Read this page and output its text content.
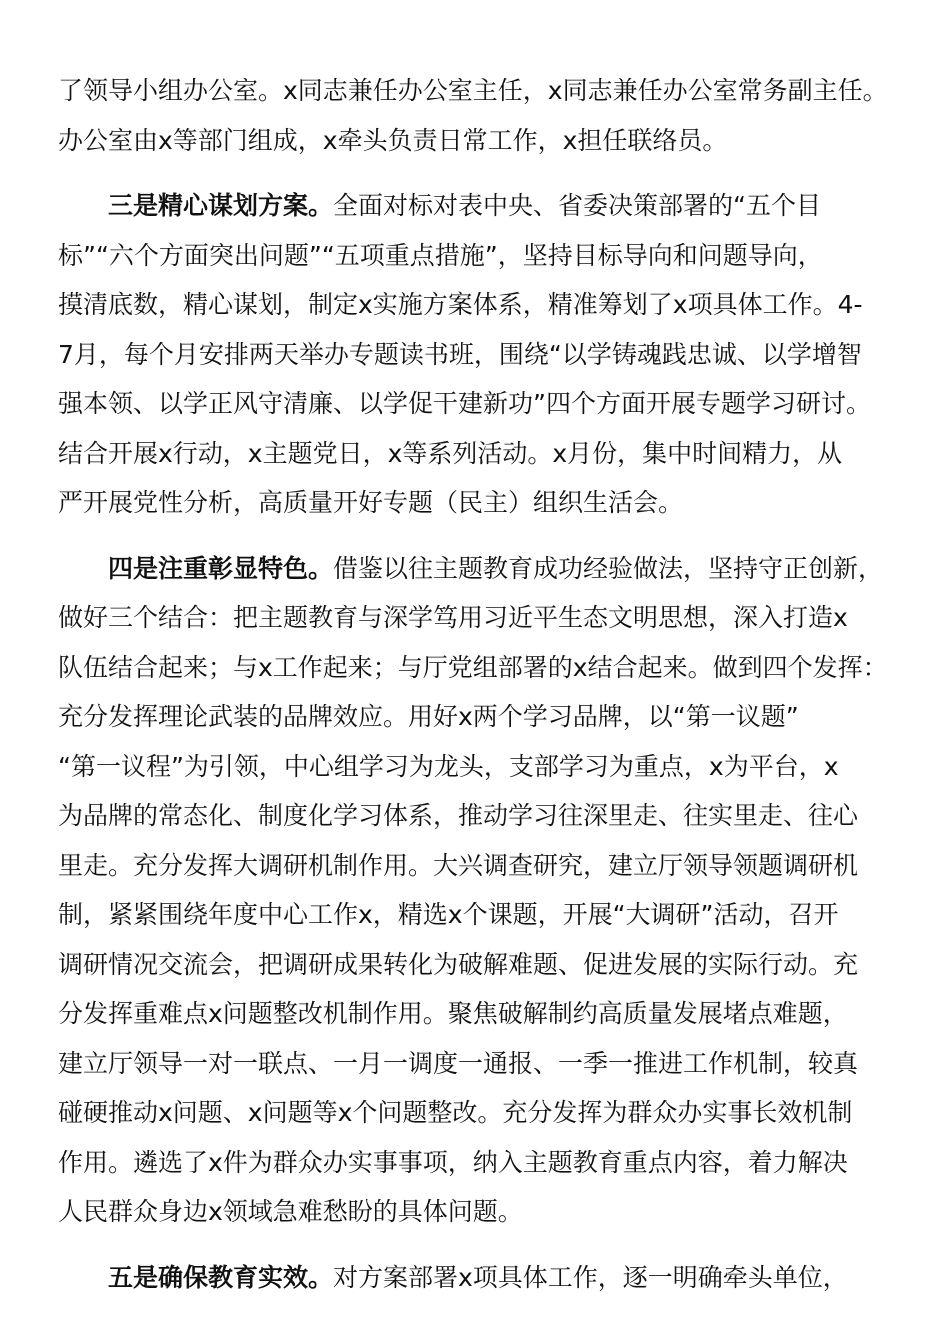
了领导小组办公室。x同志兼任办公室主任，x同志兼任办公室常务副主任。
办公室由x等部门组成，x牵头负责日常工作，x担任联络员。
三是精心谋划方案。全面对标对表中央、省委决策部署的“五个目
标”“六个方面突出问题”“五项重点措施”，坚持目标导向和问题导向，
摸清底数，精心谋划，制定x实施方案体系，精准筹划了x项具体工作。4-
7月，每个月安排两天举办专题读书班，围绕“以学铸魂践忠诚、以学增智
强本领、以学正风守清廉、以学促干建新功”四个方面开展专题学习研讨。
结合开展x行动，x主题党日，x等系列活动。x月份，集中时间精力，从
严开展党性分析，高质量开好专题（民主）组织生活会。
四是注重彰显特色。借鉴以往主题教育成功经验做法，坚持守正创新，
做好三个结合：把主题教育与深学笃用习近平生态文明思想，深入打造x
队伍结合起来；与x工作起来；与厅党组部署的x结合起来。做到四个发挥：
充分发挥理论武装的品牌效应。用好x两个学习品牌，以“第一议题”
“第一议程”为引领，中心组学习为龙头，支部学习为重点，x为平台，x
为品牌的常态化、制度化学习体系，推动学习往深里走、往实里走、往心
里走。充分发挥大调研机制作用。大兴调查研究，建立厅领导领题调研机
制，紧紧围绕年度中心工作x，精选x个课题，开展“大调研”活动，召开
调研情况交流会，把调研成果转化为破解难题、促进发展的实际行动。充
分发挥重难点x问题整改机制作用。聚焦破解制约高质量发展堵点难题，
建立厅领导一对一联点、一月一调度一通报、一季一推进工作机制，较真
碰硬推动x问题、x问题等x个问题整改。充分发挥为群众办实事长效机制
作用。遴选了x件为群众办实事事项，纳入主题教育重点内容，着力解决
人民群众身边x领域急难愁盼的具体问题。
五是确保教育实效。对方案部署x项具体工作，逐一明确牵头单位，
